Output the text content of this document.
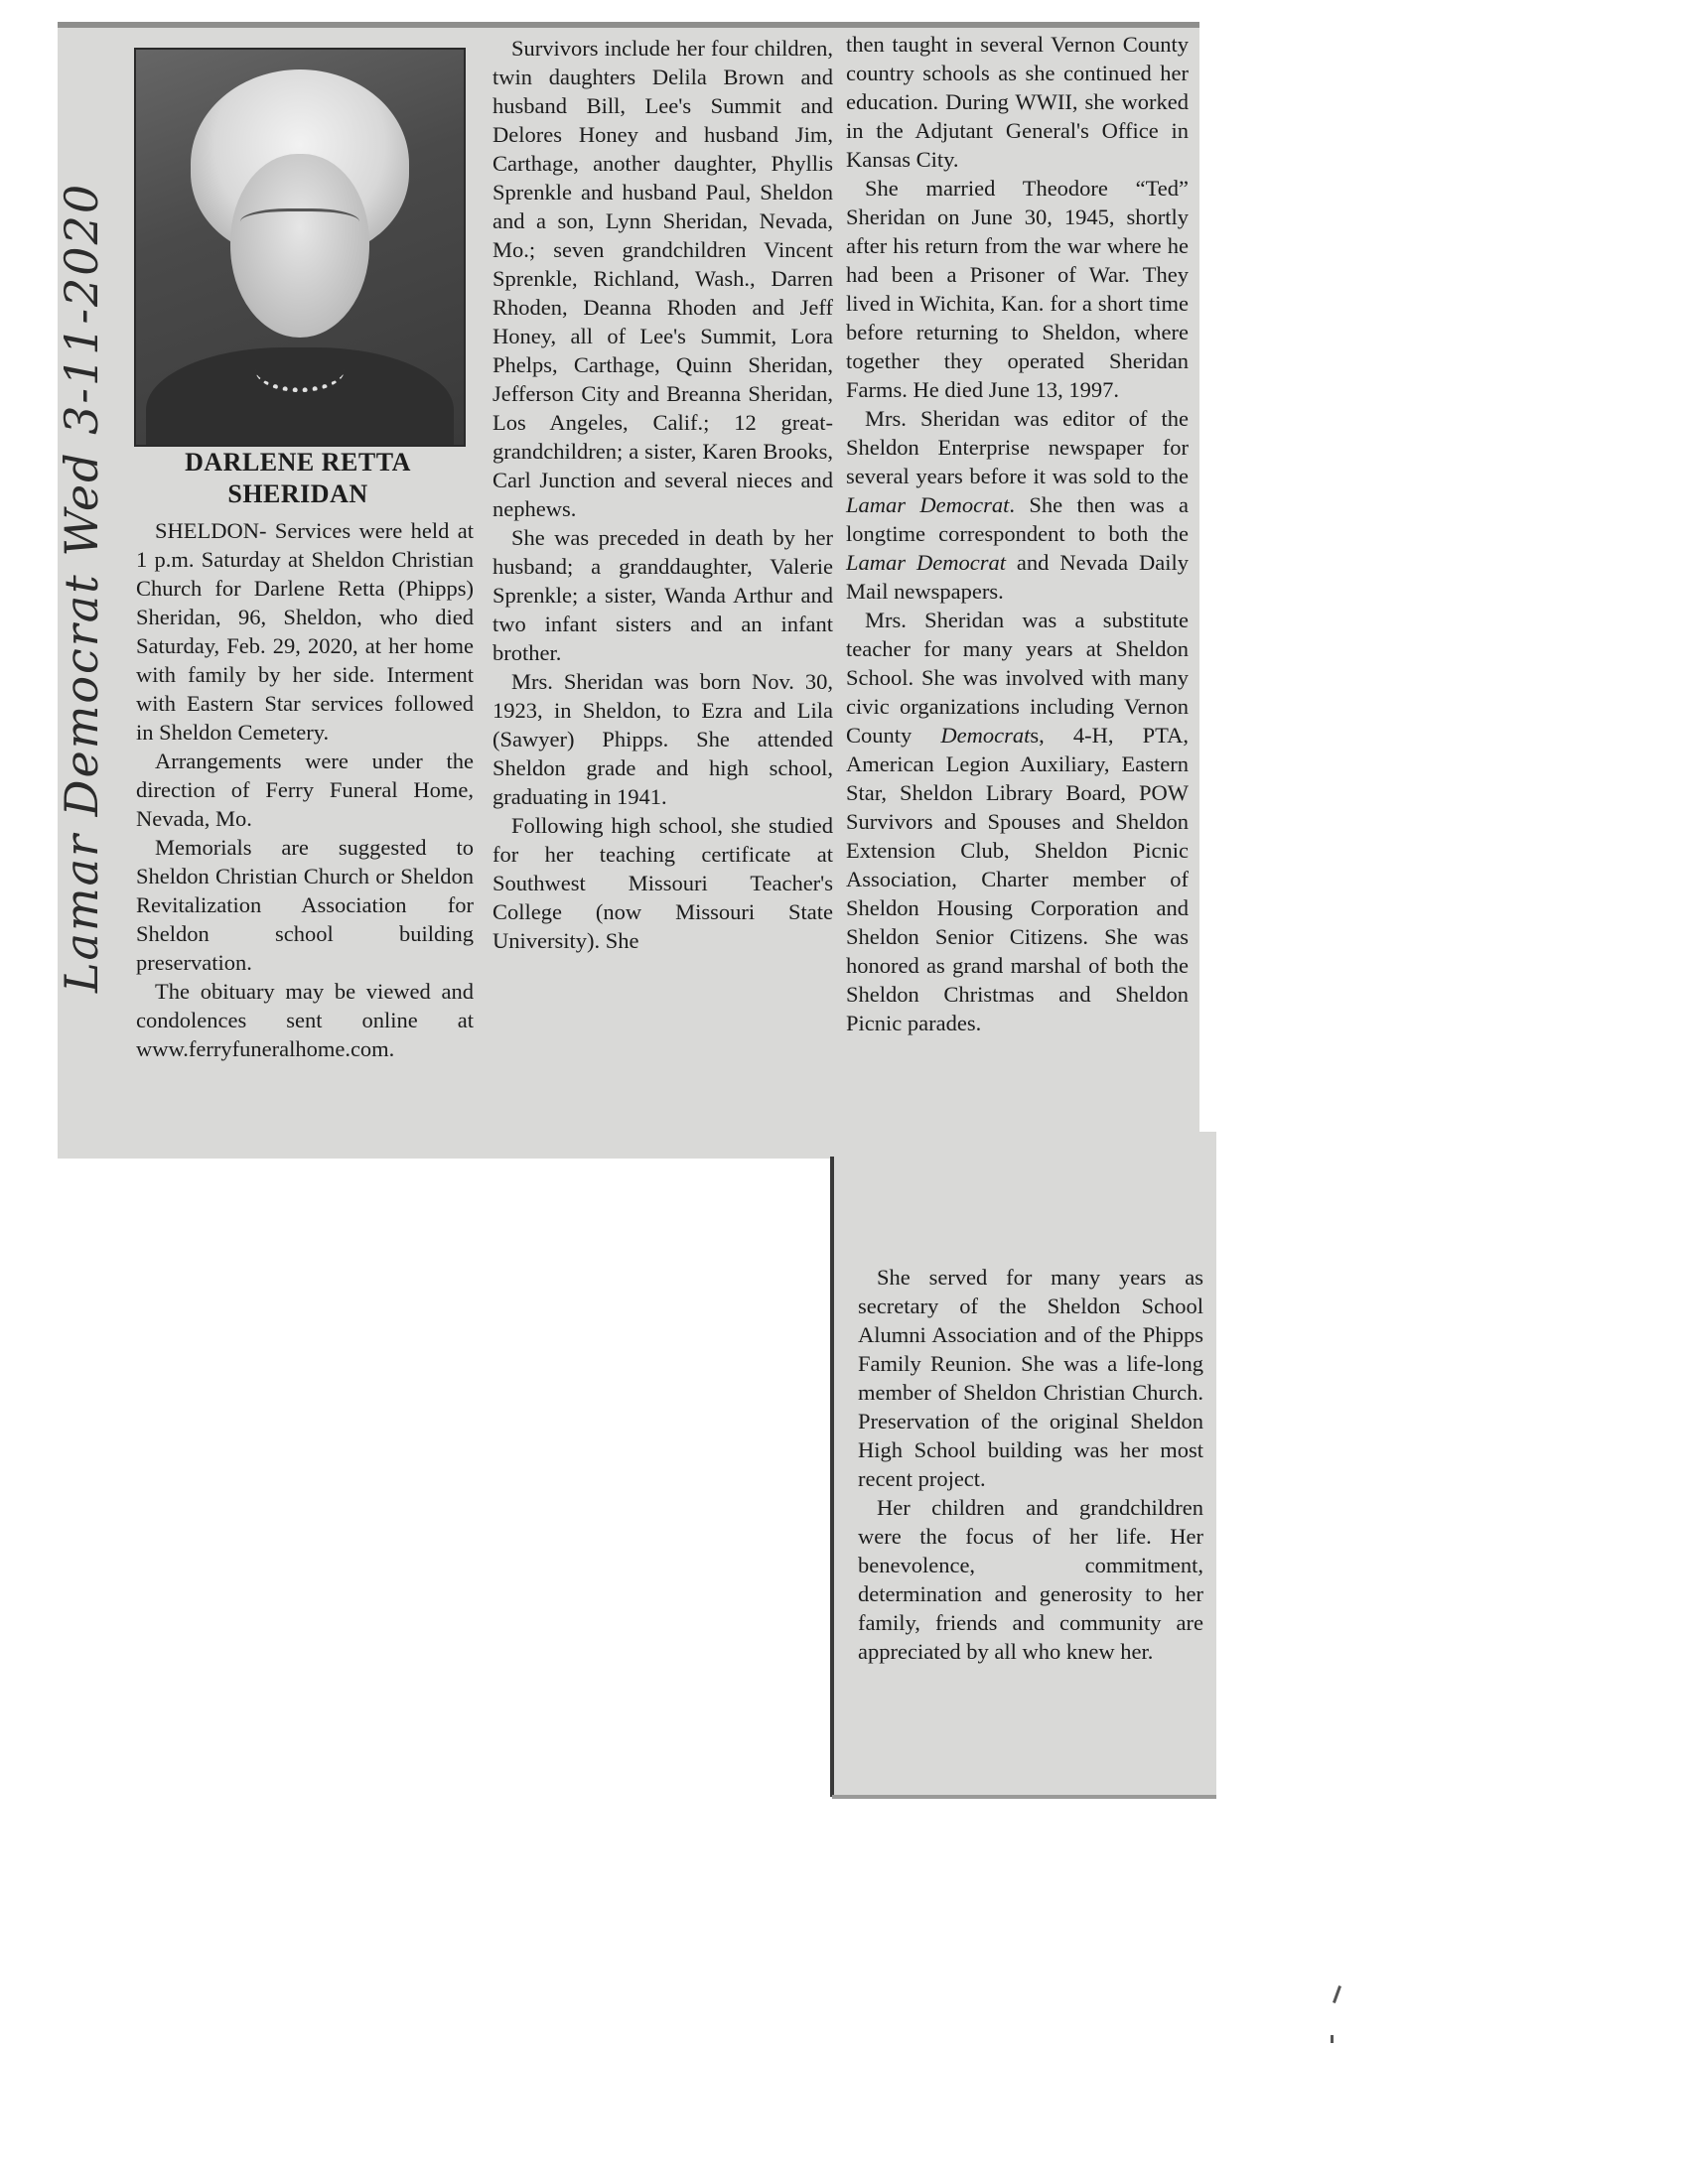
Lamar Democrat Wed 3-11-2020	DARLENE RETTA SHERIDAN

SHELDON- Services were held at 1 p.m. Saturday at Sheldon Christian Church for Darlene Retta (Phipps) Sheridan, 96, Sheldon, who died Saturday, Feb. 29, 2020, at her home with family by her side. Interment with Eastern Star services followed in Sheldon Cemetery.

Arrangements were under the direction of Ferry Funeral Home, Nevada, Mo.

Memorials are suggested to Sheldon Christian Church or Sheldon Revitalization Association for Sheldon school building preservation.

The obituary may be viewed and condolences sent online at www.ferryfuneralhome.com.

Survivors include her four children, twin daughters Delila Brown and husband Bill, Lee's Summit and Delores Honey and husband Jim, Carthage, another daughter, Phyllis Sprenkle and husband Paul, Sheldon and a son, Lynn Sheridan, Nevada, Mo.; seven grandchildren Vincent Sprenkle, Richland, Wash., Darren Rhoden, Deanna Rhoden and Jeff Honey, all of Lee's Summit, Lora Phelps, Carthage, Quinn Sheridan, Jefferson City and Breanna Sheridan, Los Angeles, Calif.; 12 great-grandchildren; a sister, Karen Brooks, Carl Junction and several nieces and nephews.

She was preceded in death by her husband; a granddaughter, Valerie Sprenkle; a sister, Wanda Arthur and two infant sisters and an infant brother.

Mrs. Sheridan was born Nov. 30, 1923, in Sheldon, to Ezra and Lila (Sawyer) Phipps. She attended Sheldon grade and high school, graduating in 1941.

Following high school, she studied for her teaching certificate at Southwest Missouri Teacher's College (now Missouri State University). She

then taught in several Vernon County country schools as she continued her education. During WWII, she worked in the Adjutant General's Office in Kansas City.

She married Theodore “Ted” Sheridan on June 30, 1945, shortly after his return from the war where he had been a Prisoner of War. They lived in Wichita, Kan. for a short time before returning to Sheldon, where together they operated Sheridan Farms. He died June 13, 1997.

Mrs. Sheridan was editor of the Sheldon Enterprise newspaper for several years before it was sold to the Lamar Democrat. She then was a longtime correspondent to both the Lamar Democrat and Nevada Daily Mail newspapers.

Mrs. Sheridan was a substitute teacher for many years at Sheldon School. She was involved with many civic organizations including Vernon County Democrats, 4-H, PTA, American Legion Auxiliary, Eastern Star, Sheldon Library Board, POW Survivors and Spouses and Sheldon Extension Club, Sheldon Picnic Association, Charter member of Sheldon Housing Corporation and Sheldon Senior Citizens. She was honored as grand marshal of both the Sheldon Christmas and Sheldon Picnic parades.

She served for many years as secretary of the Sheldon School Alumni Association and of the Phipps Family Reunion. She was a life-long member of Sheldon Christian Church. Preservation of the original Sheldon High School building was her most recent project.

Her children and grandchildren were the focus of her life. Her benevolence, commitment, determination and generosity to her family, friends and community are appreciated by all who knew her.
